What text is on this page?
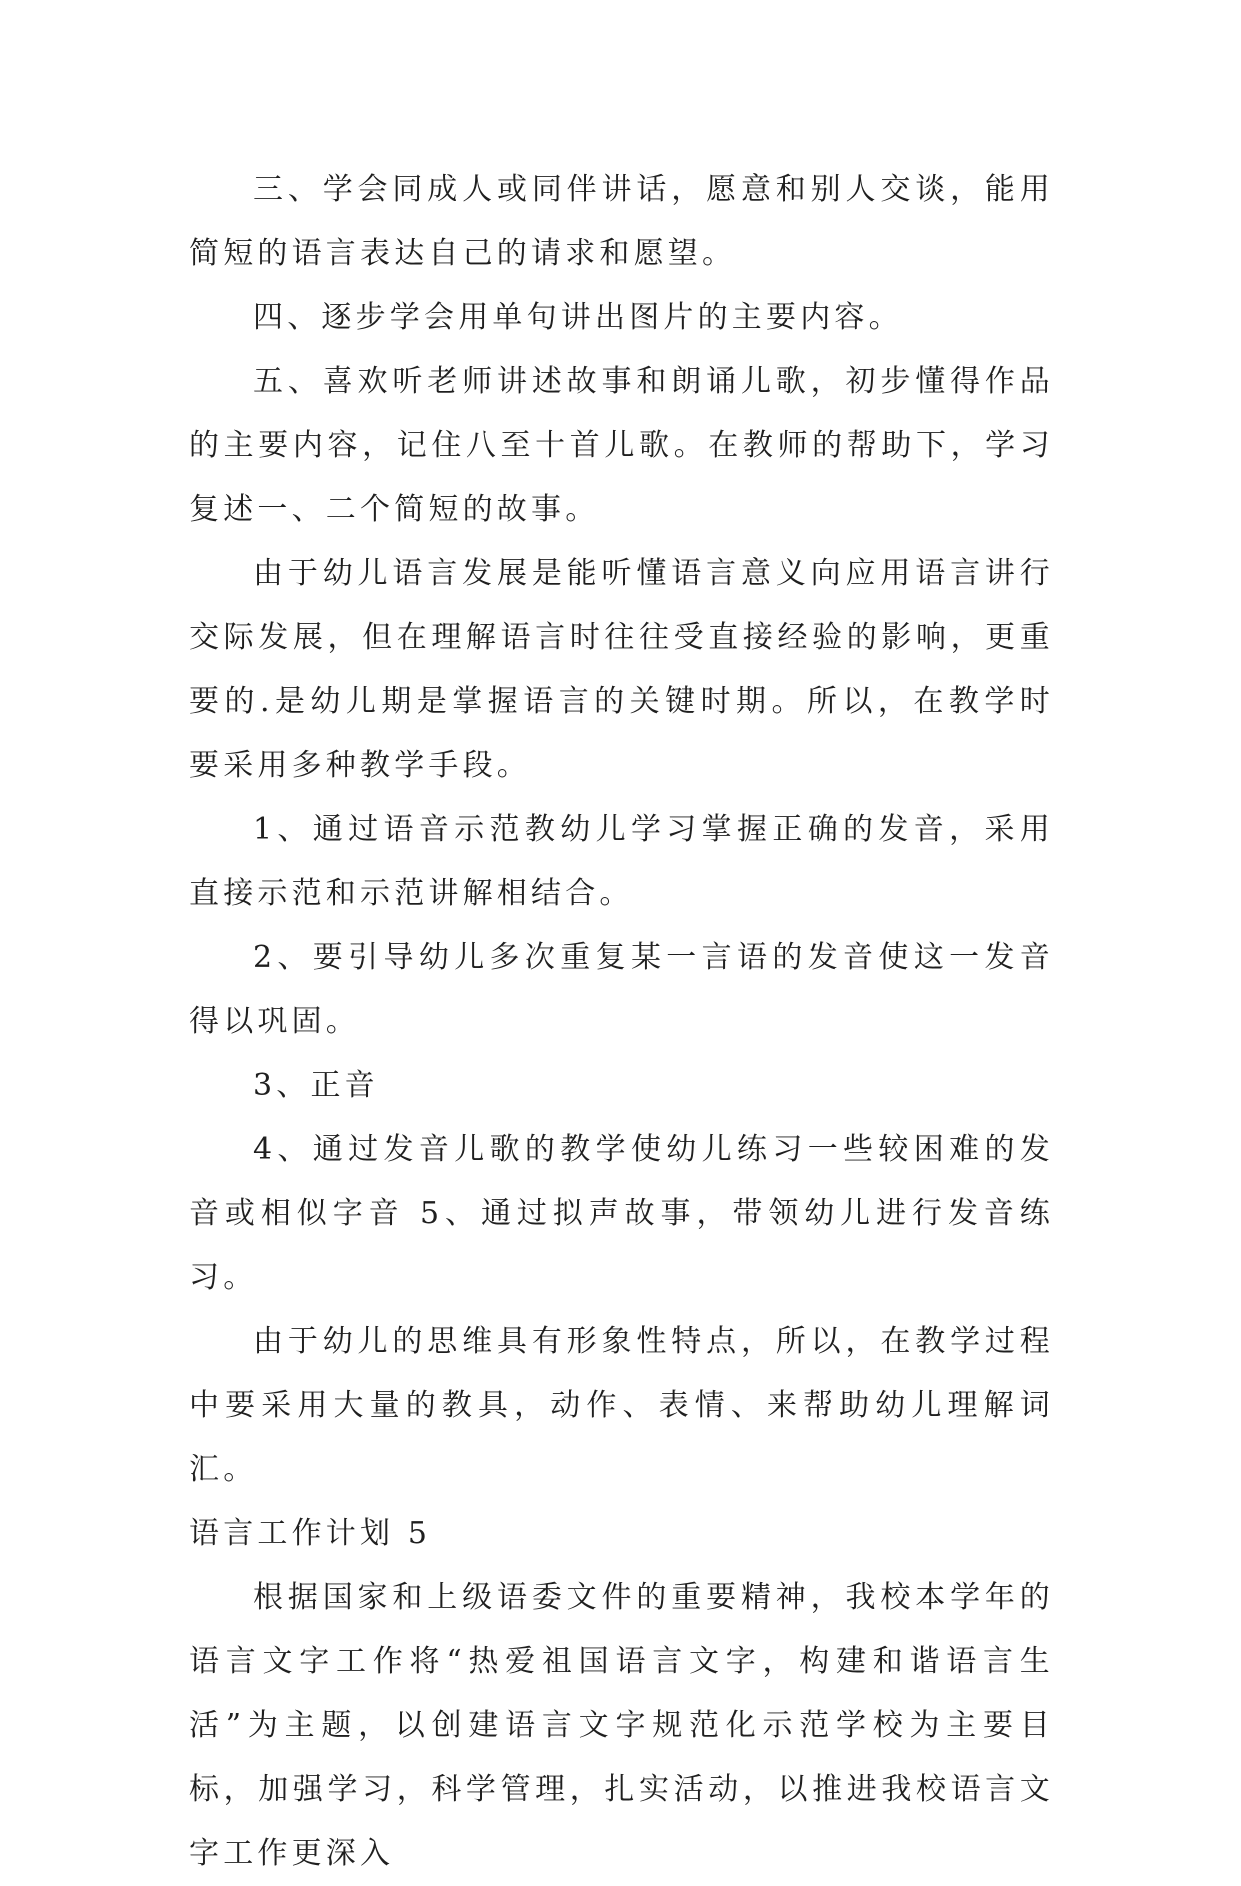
三、学会同成人或同伴讲话，愿意和别人交谈，能用简短的语言表达自己的请求和愿望。

四、逐步学会用单句讲出图片的主要内容。

五、喜欢听老师讲述故事和朗诵儿歌，初步懂得作品的主要内容，记住八至十首儿歌。在教师的帮助下，学习复述一、二个简短的故事。

由于幼儿语言发展是能听懂语言意义向应用语言讲行交际发展，但在理解语言时往往受直接经验的影响，更重要的.是幼儿期是掌握语言的关键时期。所以，在教学时要采用多种教学手段。

1、通过语音示范教幼儿学习掌握正确的发音，采用直接示范和示范讲解相结合。

2、要引导幼儿多次重复某一言语的发音使这一发音得以巩固。

3、正音

4、通过发音儿歌的教学使幼儿练习一些较困难的发音或相似字音 5、通过拟声故事，带领幼儿进行发音练习。

由于幼儿的思维具有形象性特点，所以，在教学过程中要采用大量的教具，动作、表情、来帮助幼儿理解词汇。

语言工作计划 5

根据国家和上级语委文件的重要精神，我校本学年的语言文字工作将“热爱祖国语言文字，构建和谐语言生活”为主题，以创建语言文字规范化示范学校为主要目标，加强学习，科学管理，扎实活动，以推进我校语言文字工作更深入
